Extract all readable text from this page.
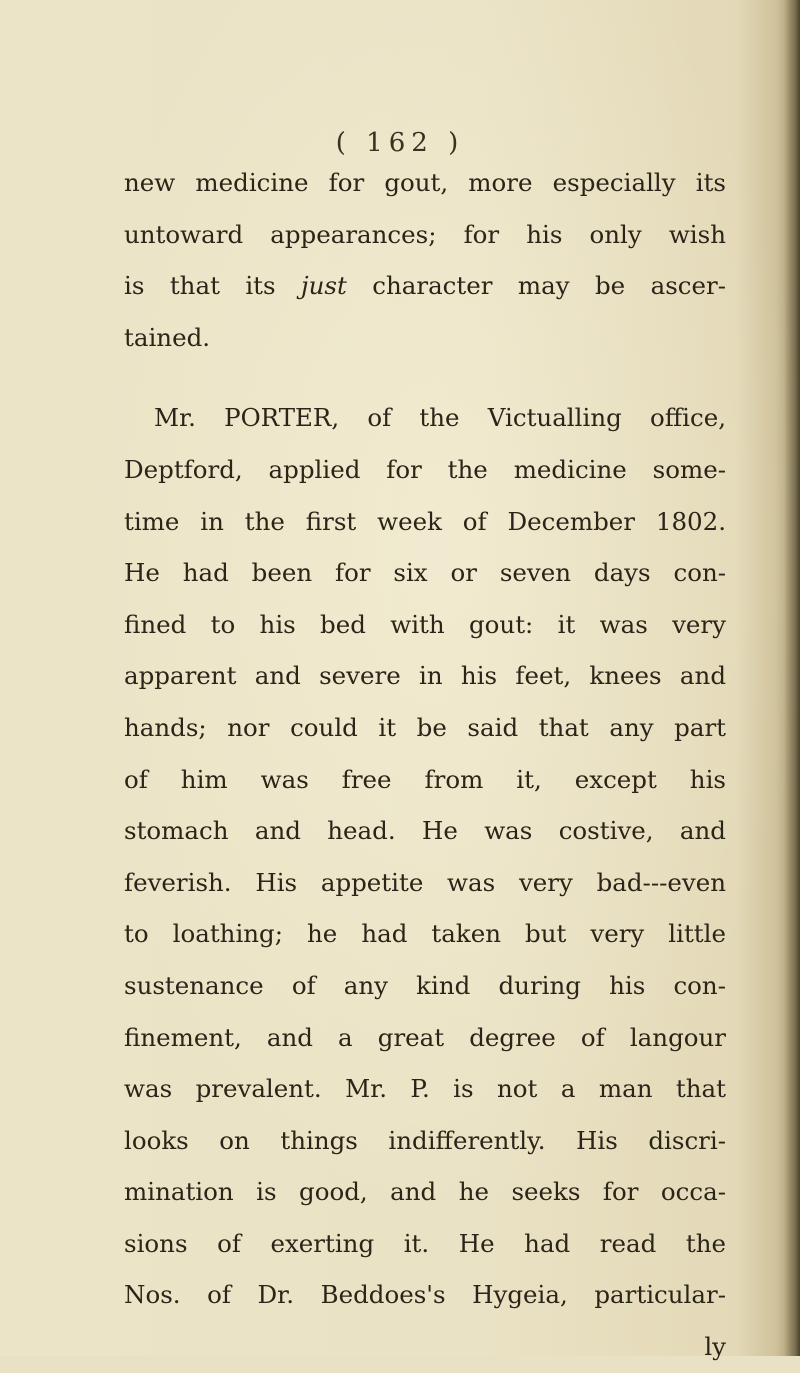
( 162 )

new medicine for gout, more especially its
untoward appearances; for his only wish
is that its just character may be ascer-
tained.
Mr. PORTER, of the Victualling office,
Deptford, applied for the medicine some-
time in the first week of December 1802.
He had been for six or seven days con-
fined to his bed with gout: it was very
apparent and severe in his feet, knees and
hands; nor could it be said that any part
of him was free from it, except his
stomach and head. He was costive, and
feverish. His appetite was very bad---even
to loathing; he had taken but very little
sustenance of any kind during his con-
finement, and a great degree of langour
was prevalent. Mr. P. is not a man that
looks on things indifferently. His discri-
mination is good, and he seeks for occa-
sions of exerting it. He had read the
Nos. of Dr. Beddoes's Hygeia, particular-
ly
